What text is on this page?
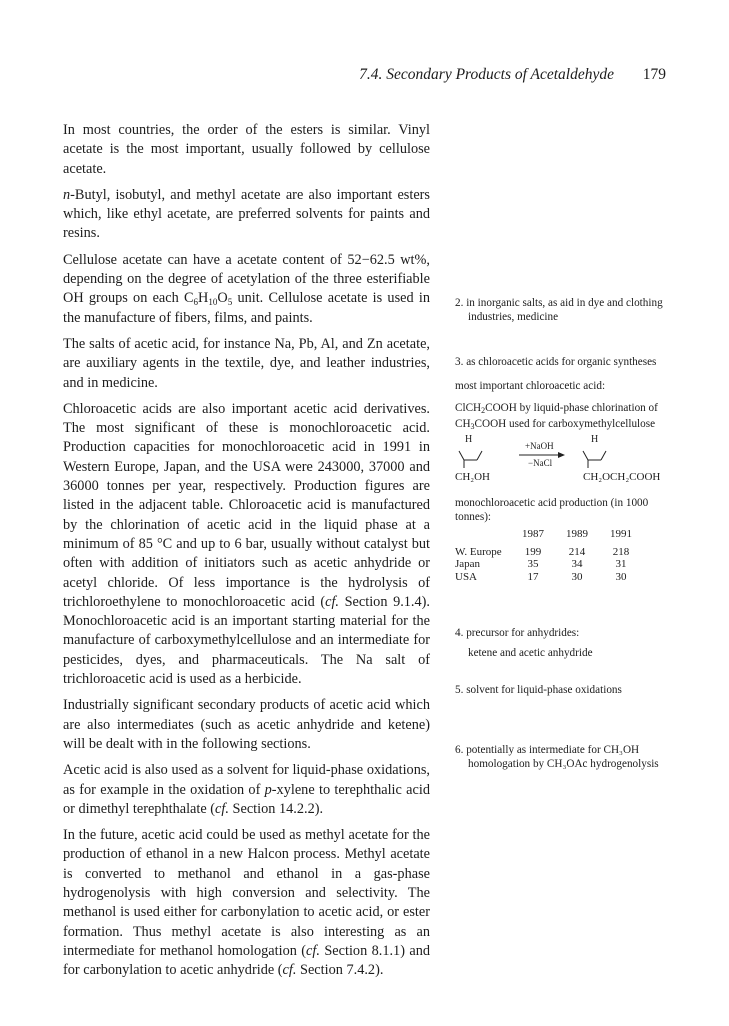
7.4. Secondary Products of Acetaldehyde 179

In most countries, the order of the esters is similar. Vinyl acetate is the most important, usually followed by cellulose acetate.

n-Butyl, isobutyl, and methyl acetate are also important esters which, like ethyl acetate, are preferred solvents for paints and resins.

Cellulose acetate can have a acetate content of 52−62.5 wt%, depending on the degree of acetylation of the three esterifiable OH groups on each $C_6H_{10}O_5$ unit. Cellulose acetate is used in the manufacture of fibers, films, and paints.

The salts of acetic acid, for instance Na, Pb, Al, and Zn acetate, are auxiliary agents in the textile, dye, and leather industries, and in medicine.

Chloroacetic acids are also important acetic acid derivatives. The most significant of these is monochloroacetic acid. Production capacities for monochloroacetic acid in 1991 in Western Europe, Japan, and the USA were 243000, 37000 and 36000 tonnes per year, respectively. Production figures are listed in the adjacent table. Chloroacetic acid is manufactured by the chlorination of acetic acid in the liquid phase at a minimum of 85 °C and up to 6 bar, usually without catalyst but often with addition of initiators such as acetic anhydride or acetyl chloride. Of less importance is the hydrolysis of trichloroethylene to monochloroacetic acid (cf. Section 9.1.4). Monochloroacetic acid is an important starting material for the manufacture of carboxymethylcellulose and an intermediate for pesticides, dyes, and pharmaceuticals. The Na salt of trichloroacetic acid is used as a herbicide.

Industrially significant secondary products of acetic acid which are also intermediates (such as acetic anhydride and ketene) will be dealt with in the following sections.

Acetic acid is also used as a solvent for liquid-phase oxidations, as for example in the oxidation of p-xylene to terephthalic acid or dimethyl terephthalate (cf. Section 14.2.2).

In the future, acetic acid could be used as methyl acetate for the production of ethanol in a new Halcon process. Methyl acetate is converted to methanol and ethanol in a gas-phase hydrogenolysis with high conversion and selectivity. The methanol is used either for carbonylation to acetic acid, or ester formation. Thus methyl acetate is also interesting as an intermediate for methanol homologation (cf. Section 8.1.1) and for carbonylation to acetic anhydride (cf. Section 7.4.2).

2. in inorganic salts, as aid in dye and clothing industries, medicine

3. as chloroacetic acids for organic syntheses

most important chloroacetic acid:

ClCH2COOH by liquid-phase chlorination of CH3COOH used for carboxymethylcellulose

H
CH₂OH
+NaOH
−NaCl
H
CH₂OCH₂COOH

monochloroacetic acid production (in 1000 tonnes):

	1987	1989	1991
W. Europe	199	214	218
Japan	35	34	31
USA	17	30	30

4. precursor for anhydrides:

ketene and acetic anhydride

5. solvent for liquid-phase oxidations

6. potentially as intermediate for CH₃OH homologation by CH₃OAc hydrogenolysis
